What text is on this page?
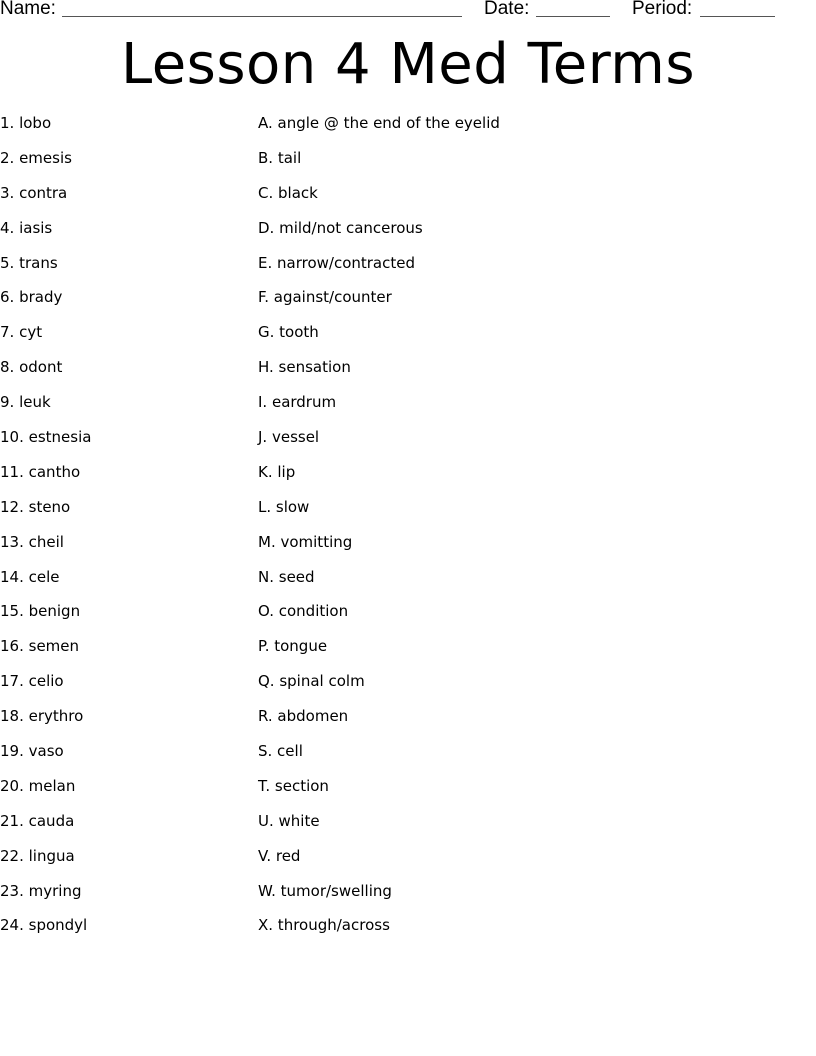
Name:	Date:	Period:
Lesson 4 Med Terms
1. lobo
2. emesis
3. contra
4. iasis
5. trans
6. brady
7. cyt
8. odont
9. leuk
10. estnesia
11. cantho
12. steno
13. cheil
14. cele
15. benign
16. semen
17. celio
18. erythro
19. vaso
20. melan
21. cauda
22. lingua
23. myring
24. spondyl
A. angle @ the end of the eyelid
B. tail
C. black
D. mild/not cancerous
E. narrow/contracted
F. against/counter
G. tooth
H. sensation
I. eardrum
J. vessel
K. lip
L. slow
M. vomitting
N. seed
O. condition
P. tongue
Q. spinal colm
R. abdomen
S. cell
T. section
U. white
V. red
W. tumor/swelling
X. through/across
